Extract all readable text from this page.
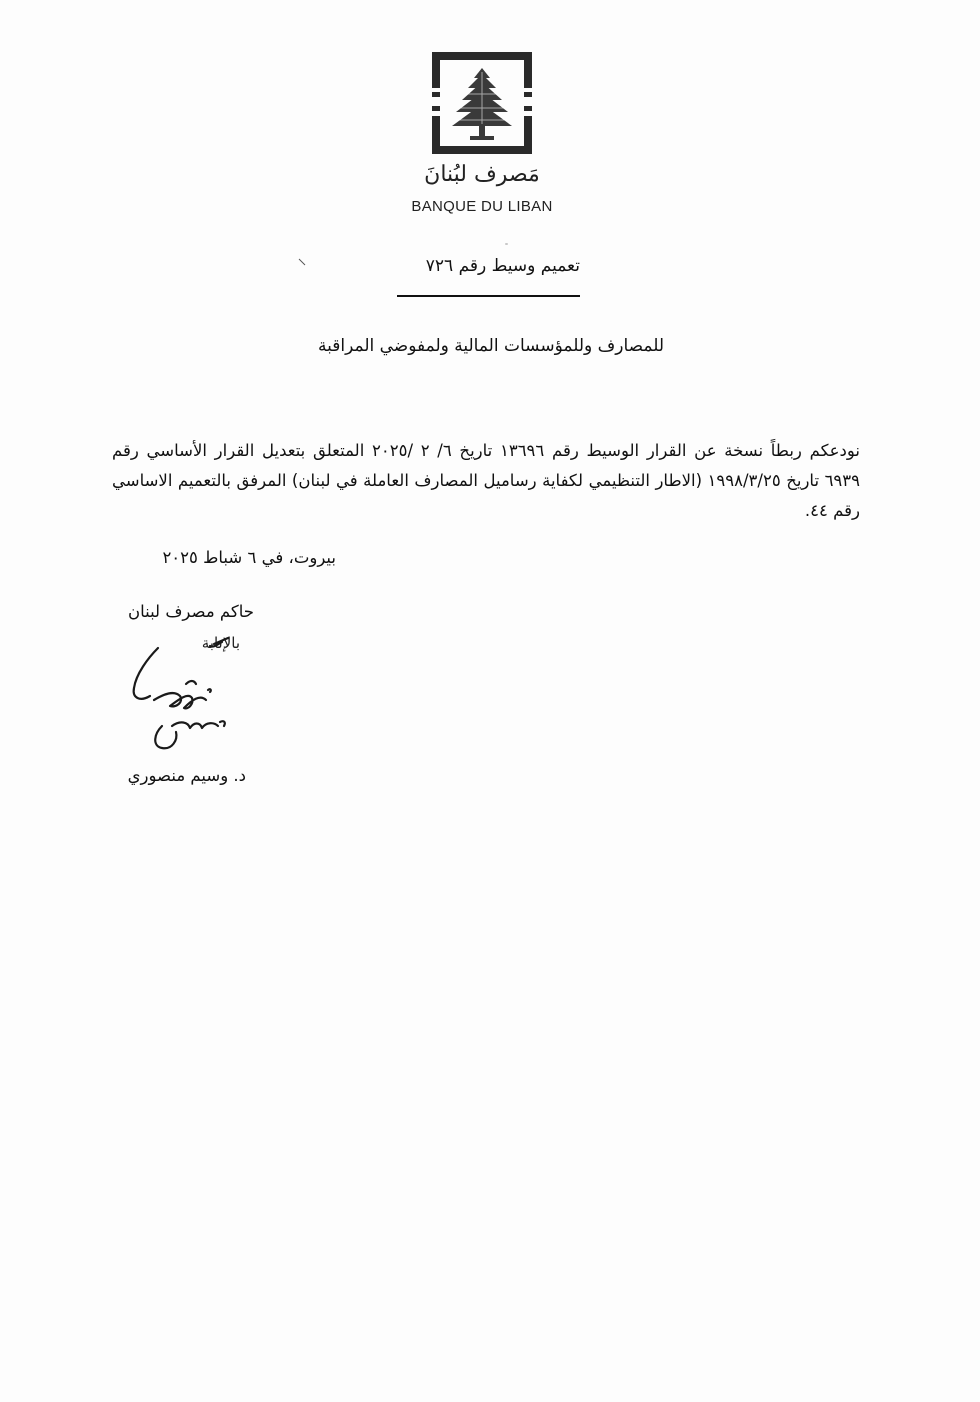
مَصرف لبُنانَ
BANQUE DU LIBAN
تعميم وسيط رقم ٧٢٦
للمصارف وللمؤسسات المالية ولمفوضي المراقبة
نودعكم ربطاً نسخة عن القرار الوسيط رقم ١٣٦٩٦ تاريخ ٦/ ٢ /٢٠٢٥ المتعلق بتعديل القرار الأساسي رقم ٦٩٣٩ تاريخ ١٩٩٨/٣/٢٥ (الاطار التنظيمي لكفاية رساميل المصارف العاملة في لبنان) المرفق بالتعميم الاساسي رقم ٤٤.
بيروت، في ٦ شباط ٢٠٢٥
حاكم مصرف لبنان
بالإنابة
د. وسيم منصوري
